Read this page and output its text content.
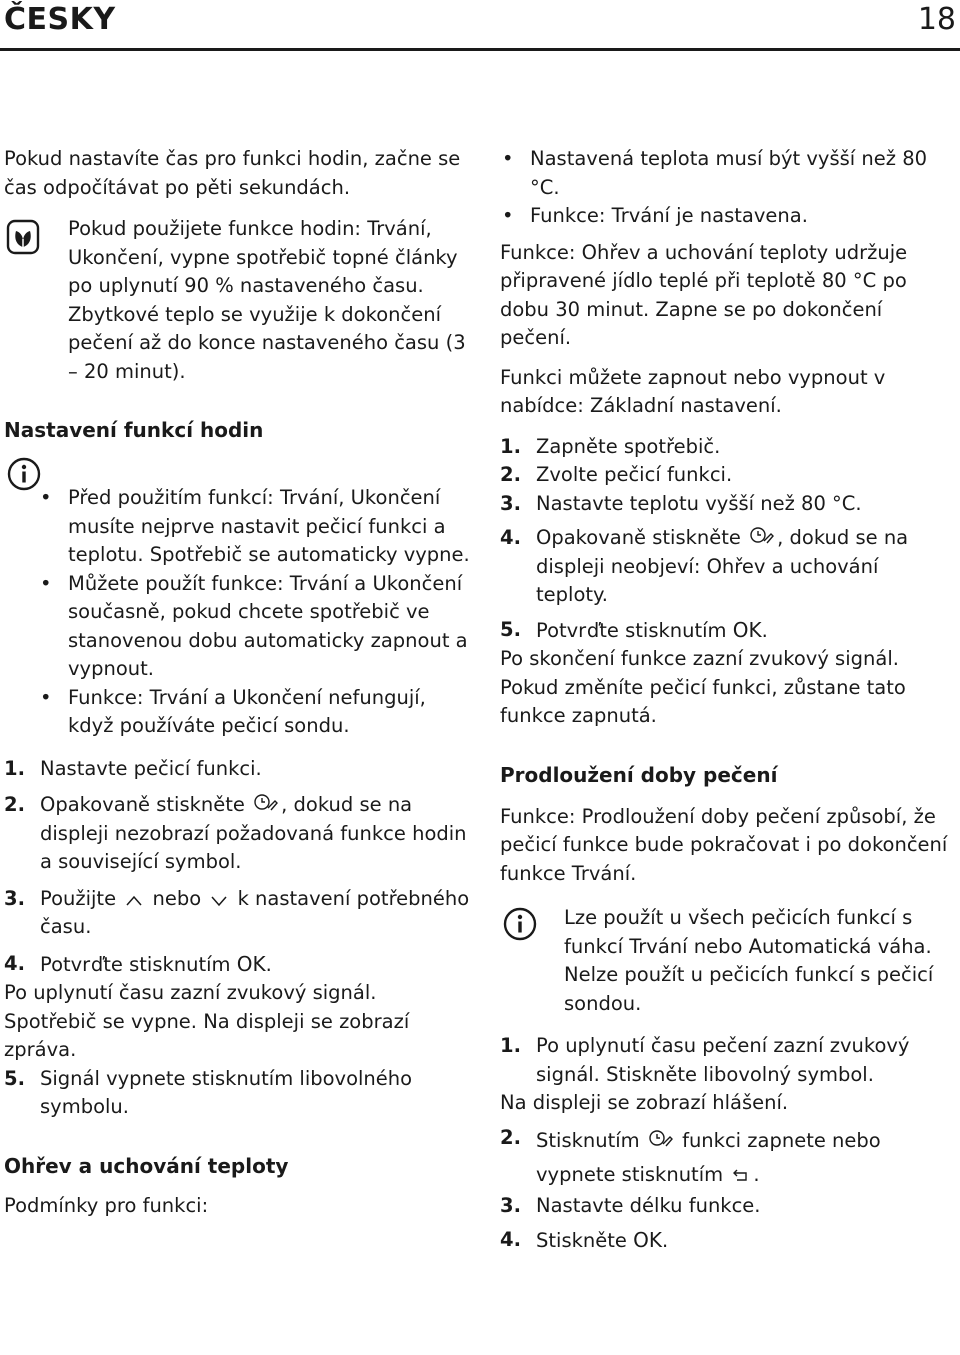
ČESKY	18

Pokud nastavíte čas pro funkci hodin, začne se čas odpočítávat po pěti sekundách.

Pokud použijete funkce hodin: Trvání, Ukončení, vypne spotřebič topné články po uplynutí 90 % nastaveného času. Zbytkové teplo se využije k dokončení pečení až do konce nastaveného času (3 – 20 minut).

Nastavení funkcí hodin
• Před použitím funkcí: Trvání, Ukončení musíte nejprve nastavit pečicí funkci a teplotu. Spotřebič se automaticky vypne.
• Můžete použít funkce: Trvání a Ukončení současně, pokud chcete spotřebič ve stanovenou dobu automaticky zapnout a vypnout.
• Funkce: Trvání a Ukončení nefungují, když používáte pečicí sondu.
1. Nastavte pečicí funkci.
2. Opakovaně stiskněte , dokud se na displeji nezobrazí požadovaná funkce hodin a související symbol.
3. Použijte nebo k nastavení potřebného času.
4. Potvrďte stisknutím OK.

Po uplynutí času zazní zvukový signál. Spotřebič se vypne. Na displeji se zobrazí zpráva.

5. Signál vypnete stisknutím libovolného symbolu.
Ohřev a uchování teploty

Podmínky pro funkci:

• Nastavená teplota musí být vyšší než 80 °C.
• Funkce: Trvání je nastavena.

Funkce: Ohřev a uchování teploty udržuje připravené jídlo teplé při teplotě 80 °C po dobu 30 minut. Zapne se po dokončení pečení.

Funkci můžete zapnout nebo vypnout v nabídce: Základní nastavení.

1. Zapněte spotřebič.
2. Zvolte pečicí funkci.
3. Nastavte teplotu vyšší než 80 °C.
4. Opakovaně stiskněte , dokud se na displeji neobjeví: Ohřev a uchování teploty.
5. Potvrďte stisknutím OK.

Po skončení funkce zazní zvukový signál. Pokud změníte pečicí funkci, zůstane tato funkce zapnutá.

Prodloužení doby pečení

Funkce: Prodloužení doby pečení způsobí, že pečicí funkce bude pokračovat i po dokončení funkce Trvání.

Lze použít u všech pečicích funkcí s funkcí Trvání nebo Automatická váha.

Nelze použít u pečicích funkcí s pečicí sondou.

1. Po uplynutí času pečení zazní zvukový signál. Stiskněte libovolný symbol.

Na displeji se zobrazí hlášení.

2. Stisknutím funkci zapnete nebo vypnete stisknutím .
3. Nastavte délku funkce.
4. Stiskněte OK.
